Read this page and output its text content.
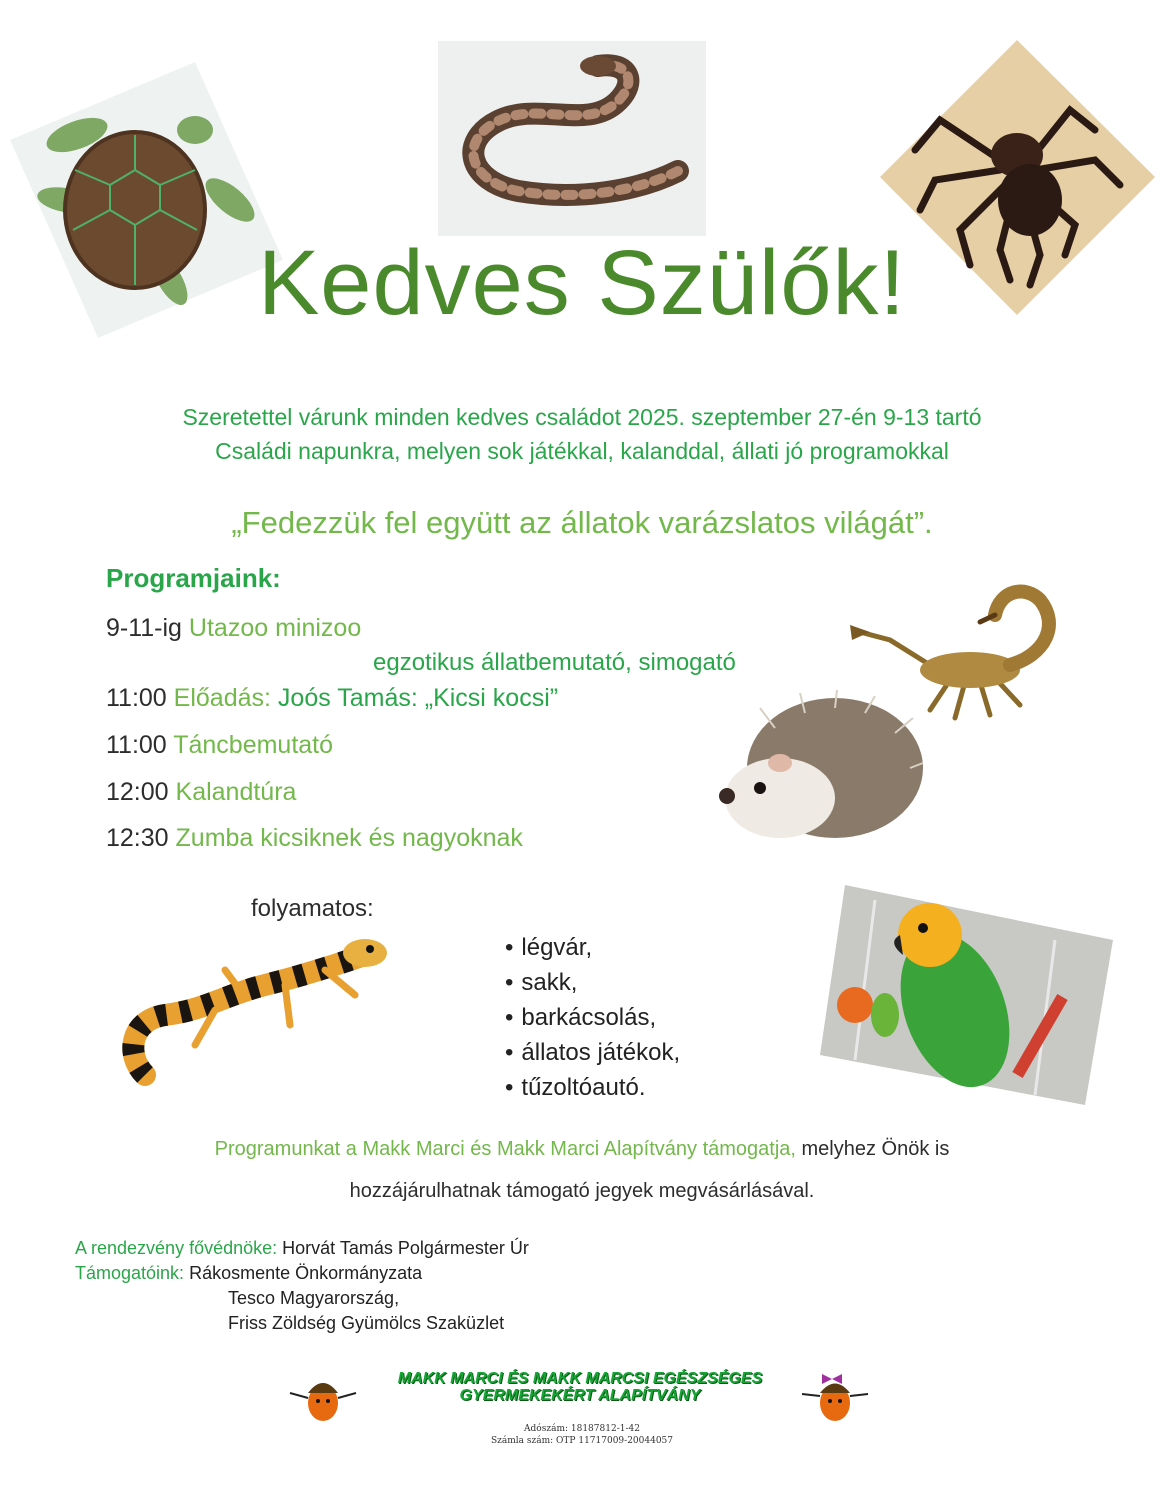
Kedves Szülők!
Szeretettel várunk minden kedves családot 2025. szeptember 27-én 9-13 tartó
Családi napunkra, melyen sok játékkal, kalanddal, állati jó programokkal
„Fedezzük fel együtt az állatok varázslatos világát”.
Programjaink:
9-11-ig Utazoo minizoo
egzotikus állatbemutató, simogató
11:00 Előadás: Joós Tamás: „Kicsi kocsi”
11:00 Táncbemutató
12:00 Kalandtúra
12:30 Zumba kicsiknek és nagyoknak
folyamatos:
• légvár,
• sakk,
• barkácsolás,
• állatos játékok,
• tűzoltóautó.
Programunkat a Makk Marci és Makk Marci Alapítvány támogatja, melyhez Önök is
hozzájárulhatnak támogató jegyek megvásárlásával.
A rendezvény fővédnöke: Horvát Tamás Polgármester Úr
Támogatóink: Rákosmente Önkormányzata
Tesco Magyarország,
Friss Zöldség Gyümölcs Szaküzlet
MAKK MARCI ÉS MAKK MARCSI EGÉSZSÉGES
GYERMEKEKÉRT ALAPÍTVÁNY
Adószám: 18187812-1-42
Számla szám: OTP 11717009-20044057
